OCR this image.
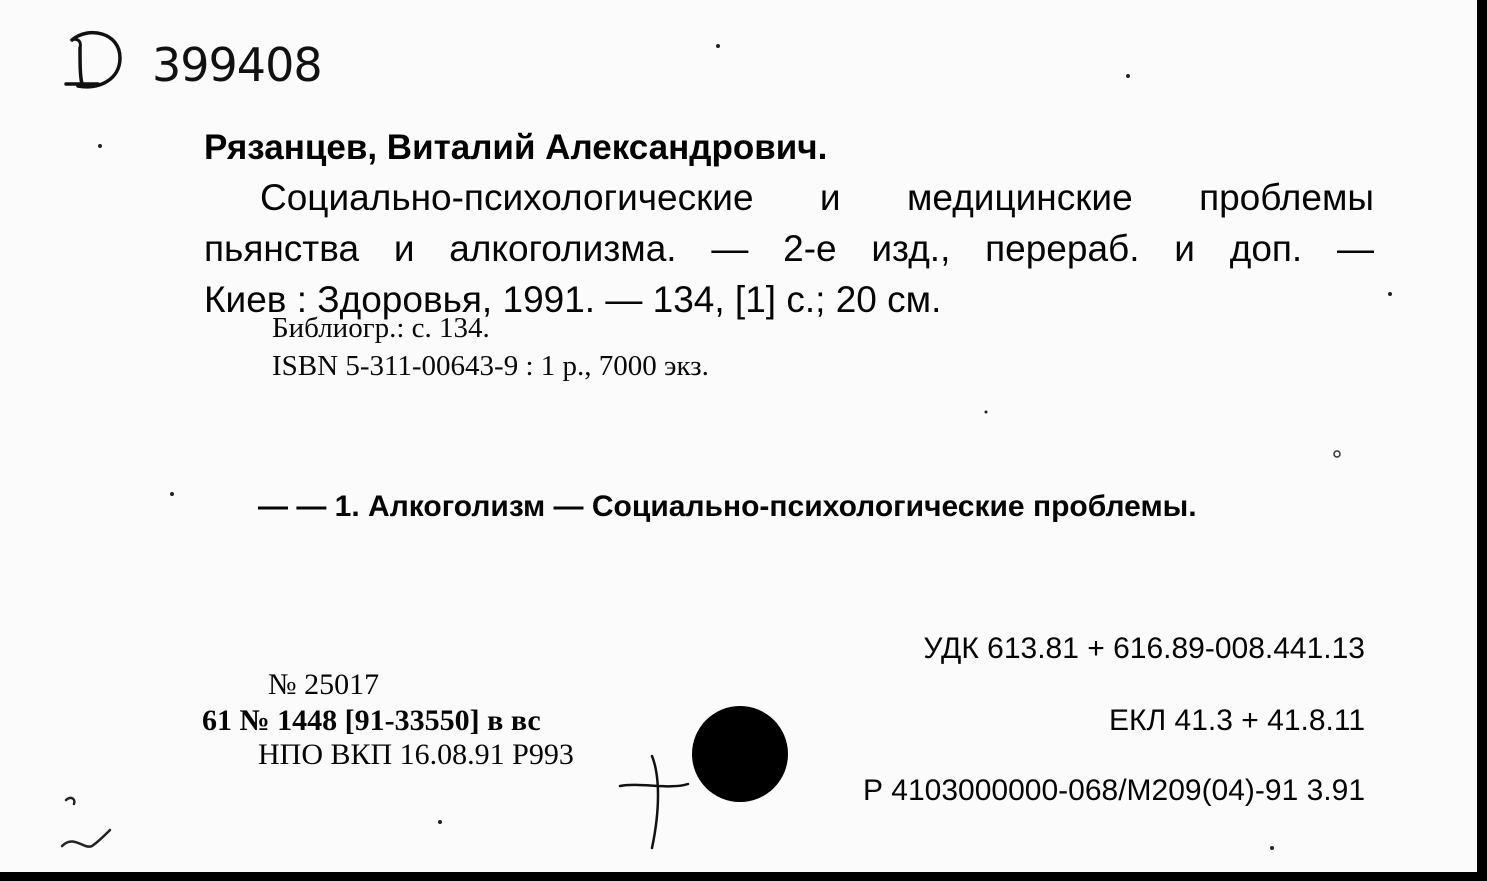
399408
Рязанцев, Виталий Александрович.
Социально-психологические и медицинские проблемы
пьянства и алкоголизма. — 2-е изд., перераб. и доп. —
Киев : Здоровья, 1991. — 134, [1] с.; 20 см.
Библиогр.: с. 134.
ISBN 5-311-00643-9 : 1 р., 7000 экз.
— — 1. Алкоголизм — Социально-психологические проблемы.
УДК 613.81 + 616.89-008.441.13
ЕКЛ 41.3 + 41.8.11
Р 4103000000-068/М209(04)-91 3.91
№ 25017
61 № 1448 [91-33550] в вс
НПО ВКП 16.08.91 Р993
